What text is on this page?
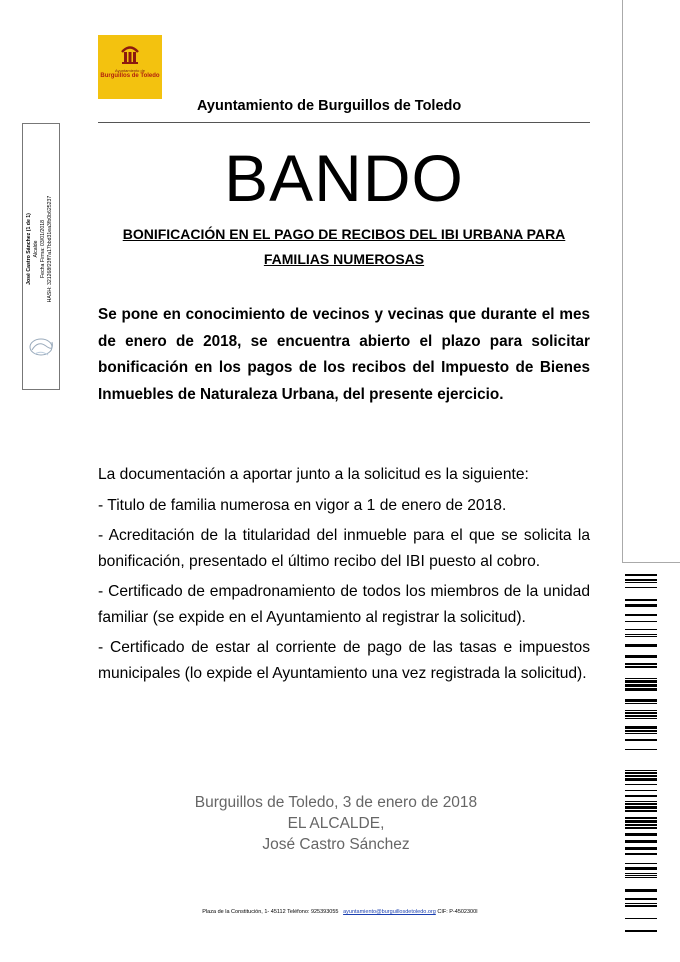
Ayuntamiento de
Burguillos de Toledo
Ayuntamiento de Burguillos de Toledo
BANDO
BONIFICACIÓN EN EL PAGO DE RECIBOS DEL IBI URBANA PARA FAMILIAS NUMEROSAS
Se pone en conocimiento de vecinos y vecinas que durante el mes de enero de 2018, se encuentra abierto el plazo para solicitar bonificación en los pagos de los recibos del Impuesto de Bienes Inmuebles de Naturaleza Urbana, del presente ejercicio.

La documentación a aportar junto a la solicitud es la siguiente:

- Titulo de familia numerosa en vigor a 1 de enero de 2018.

- Acreditación de la titularidad del inmueble para el que se solicita la bonificación, presentado el último recibo del IBI puesto al cobro.

- Certificado de empadronamiento de todos los miembros de la unidad familiar (se expide en el Ayuntamiento al registrar la solicitud).

- Certificado de estar al corriente de pago de las tasas e impuestos municipales (lo expide el Ayuntamiento una vez registrada la solicitud).

Burguillos de Toledo, 3 de enero de 2018
EL ALCALDE,
José Castro Sánchez
Plaza de la Constitución, 1- 45112 Teléfono: 925393055 ayuntamiento@burguillosdetoledo.org CIF: P-4502300I
José Castro Sánchez (1 de 1) Alcalde Fecha Firma: 03/01/2018 HASH: 321268f23ff7a17bbd31ea3fb0b625237
